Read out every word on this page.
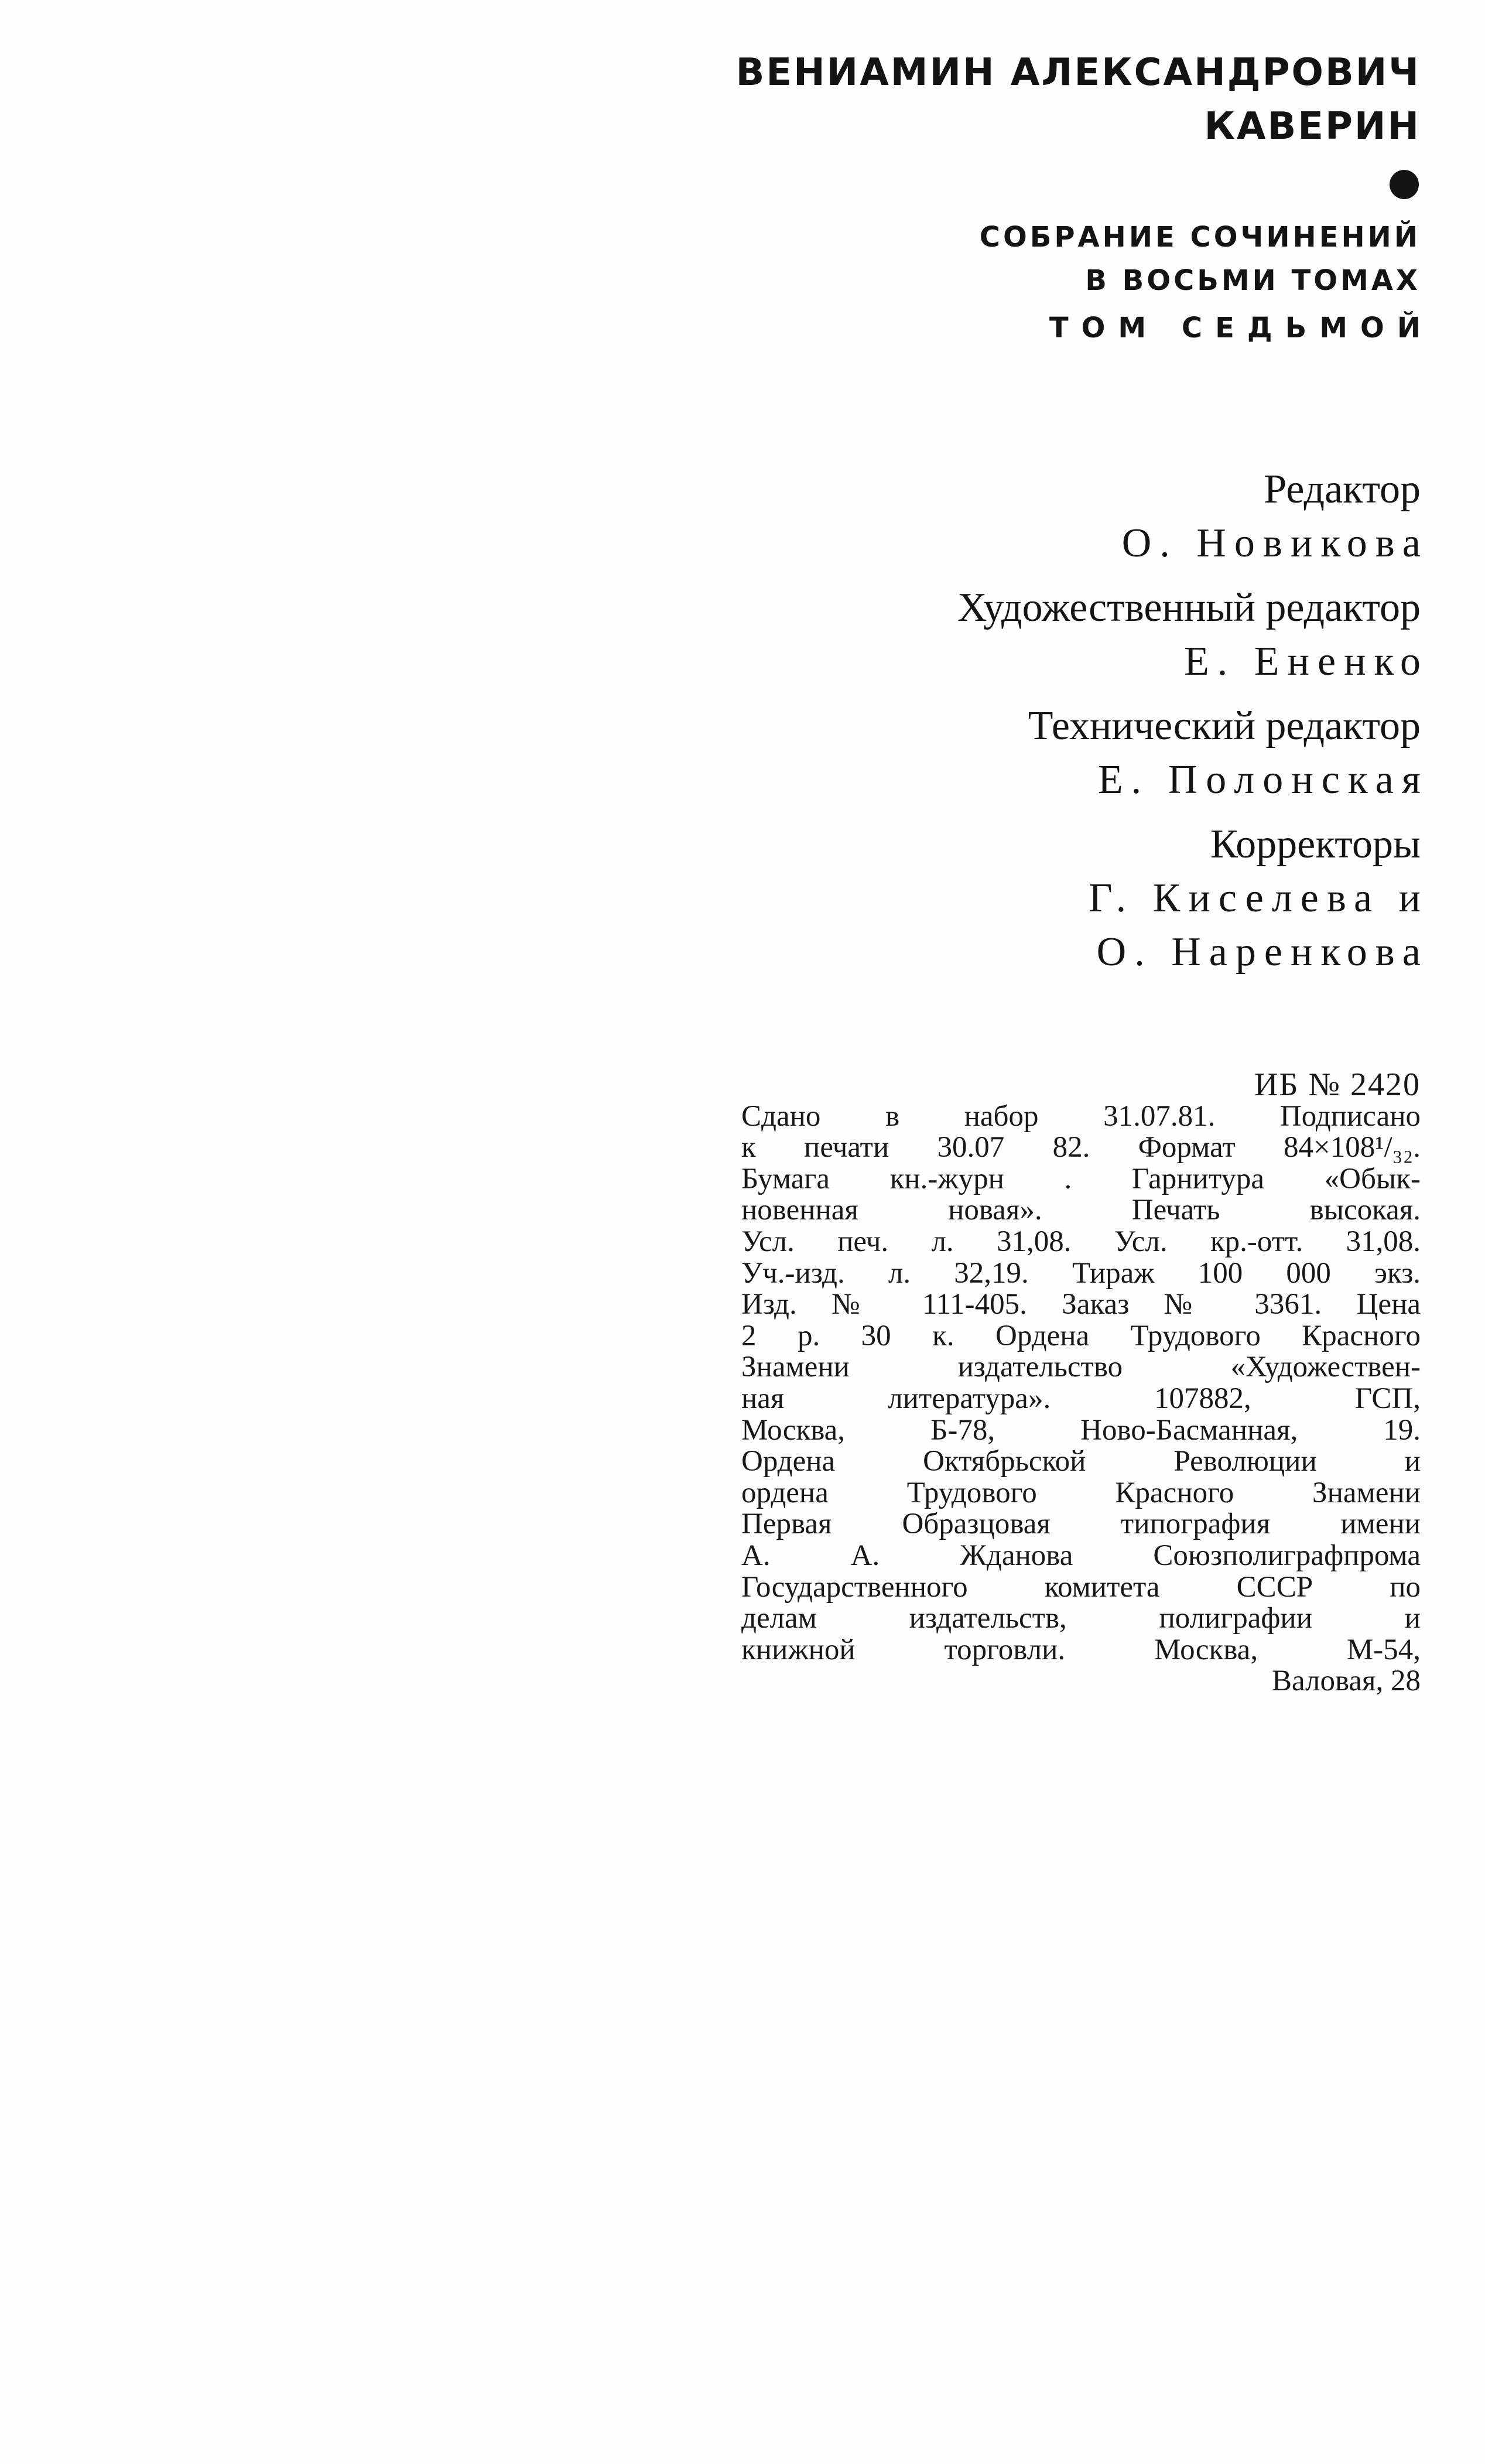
ВЕНИАМИН АЛЕКСАНДРОВИЧ
КАВЕРИН
СОБРАНИЕ СОЧИНЕНИЙ
В ВОСЬМИ ТОМАХ
ТОМ СЕДЬМОЙ
Редактор
О. Новикова
Художественный редактор
Е. Ененко
Технический редактор
Е. Полонская
Корректоры
Г. Киселева и
О. Наренкова
ИБ № 2420
Сдано в набор 31.07.81. Подписано
к печати 30.07 82. Формат 84×108¹/₃₂.
Бумага кн.-журн . Гарнитура «Обык-
новенная новая». Печать высокая.
Усл. печ. л. 31,08. Усл. кр.-отт. 31,08.
Уч.-изд. л. 32,19. Тираж 100 000 экз.
Изд. № 111-405. Заказ № 3361. Цена
2 р. 30 к. Ордена Трудового Красного
Знамени издательство «Художествен-
ная литература». 107882, ГСП,
Москва, Б-78, Ново-Басманная, 19.
Ордена Октябрьской Революции и
ордена Трудового Красного Знамени
Первая Образцовая типография имени
А. А. Жданова Союзполиграфпрома
Государственного комитета СССР по
делам издательств, полиграфии и
книжной торговли. Москва, М-54,
Валовая, 28
